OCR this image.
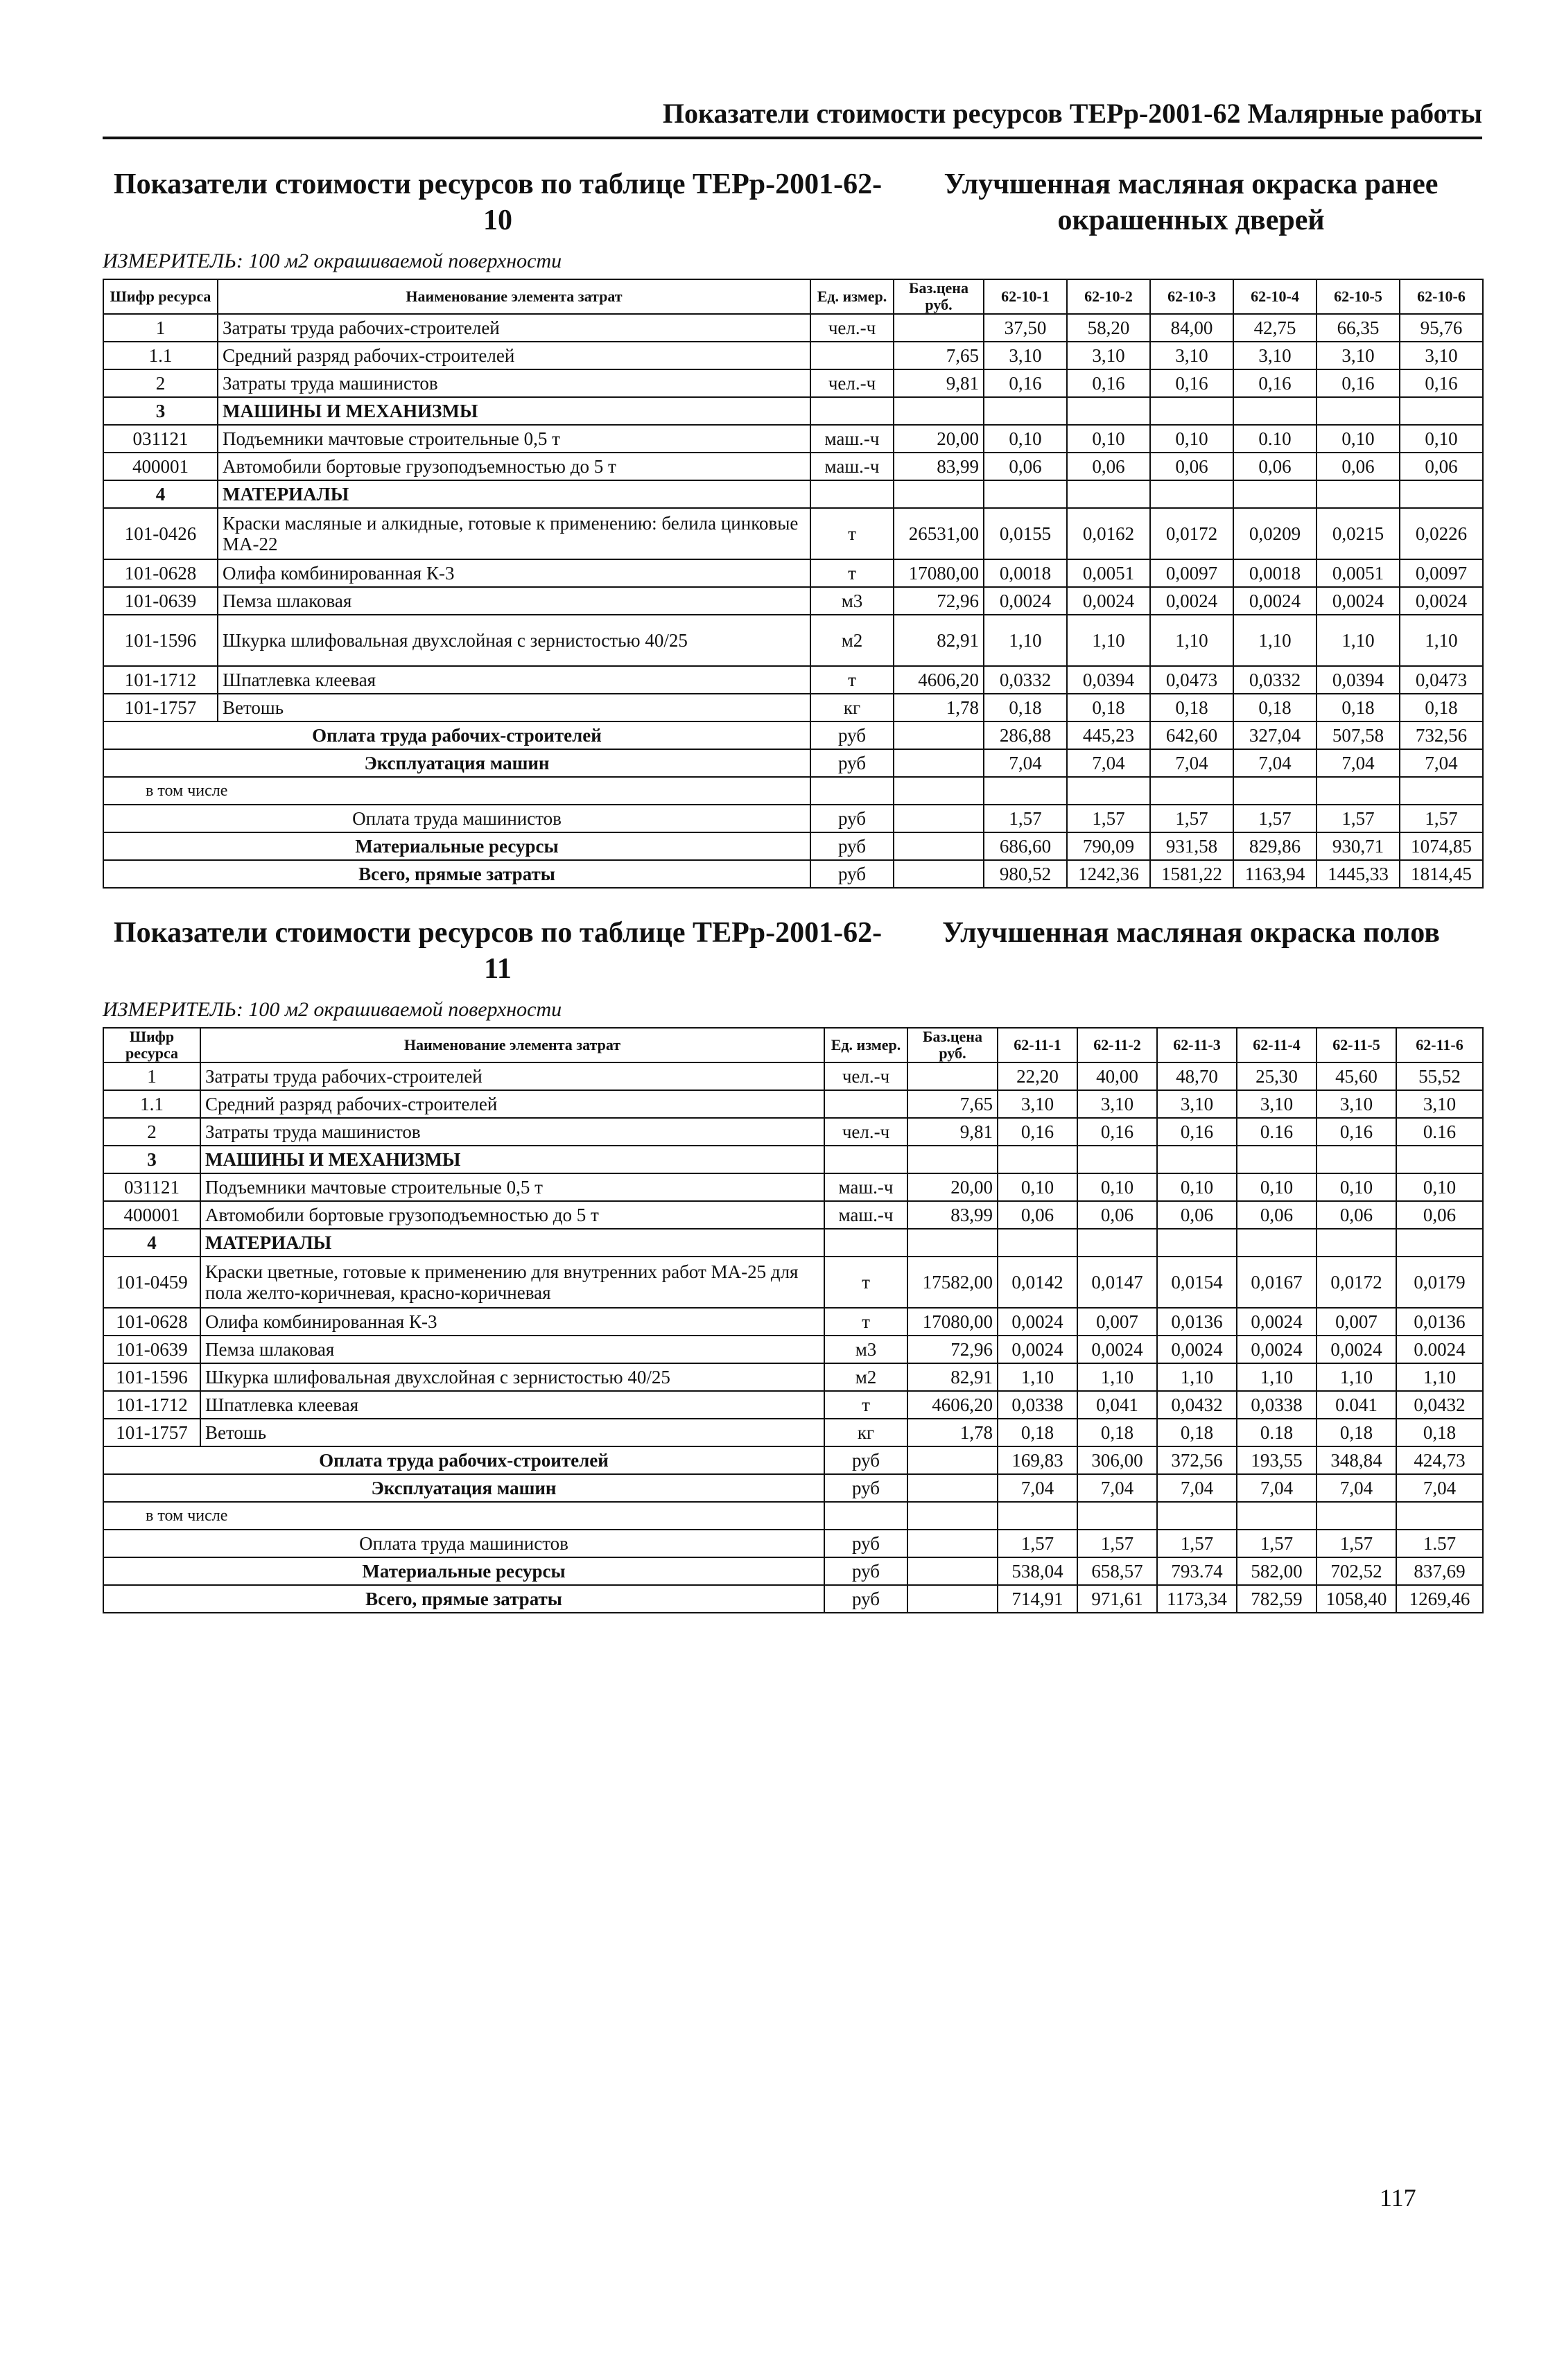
Показатели стоимости ресурсов ТЕРр-2001-62 Малярные работы
Показатели стоимости ресурсов по таблице ТЕРр-2001-62-10
Улучшенная масляная окраска ранее окрашенных дверей
ИЗМЕРИТЕЛЬ: 100 м2 окрашиваемой поверхности
Шифр ресурса	Наименование элемента затрат	Ед. измер.	Баз.цена руб.	62-10-1	62-10-2	62-10-3	62-10-4	62-10-5	62-10-6
1	Затраты труда рабочих-строителей	чел.-ч		37,50	58,20	84,00	42,75	66,35	95,76
1.1	Средний разряд рабочих-строителей		7,65	3,10	3,10	3,10	3,10	3,10	3,10
2	Затраты труда машинистов	чел.-ч	9,81	0,16	0,16	0,16	0,16	0,16	0,16
3	МАШИНЫ И МЕХАНИЗМЫ								
031121	Подъемники мачтовые строительные 0,5 т	маш.-ч	20,00	0,10	0,10	0,10	0.10	0,10	0,10
400001	Автомобили бортовые грузоподъемностью до 5 т	маш.-ч	83,99	0,06	0,06	0,06	0,06	0,06	0,06
4	МАТЕРИАЛЫ								
101-0426	Краски масляные и алкидные, готовые к применению: белила цинковые МА-22	т	26531,00	0,0155	0,0162	0,0172	0,0209	0,0215	0,0226
101-0628	Олифа комбинированная К-3	т	17080,00	0,0018	0,0051	0,0097	0,0018	0,0051	0,0097
101-0639	Пемза шлаковая	м3	72,96	0,0024	0,0024	0,0024	0,0024	0,0024	0,0024
101-1596	Шкурка шлифовальная двухслойная с зернистостью 40/25	м2	82,91	1,10	1,10	1,10	1,10	1,10	1,10
101-1712	Шпатлевка клеевая	т	4606,20	0,0332	0,0394	0,0473	0,0332	0,0394	0,0473
101-1757	Ветошь	кг	1,78	0,18	0,18	0,18	0,18	0,18	0,18
Оплата труда рабочих-строителей		руб		286,88	445,23	642,60	327,04	507,58	732,56
Эксплуатация машин		руб		7,04	7,04	7,04	7,04	7,04	7,04
в том числе									
Оплата труда машинистов		руб		1,57	1,57	1,57	1,57	1,57	1,57
Материальные ресурсы		руб		686,60	790,09	931,58	829,86	930,71	1074,85
Всего, прямые затраты		руб		980,52	1242,36	1581,22	1163,94	1445,33	1814,45
Показатели стоимости ресурсов по таблице ТЕРр-2001-62-11
Улучшенная масляная окраска полов
ИЗМЕРИТЕЛЬ: 100 м2 окрашиваемой поверхности
Шифр ресурса	Наименование элемента затрат	Ед. измер.	Баз.цена руб.	62-11-1	62-11-2	62-11-3	62-11-4	62-11-5	62-11-6
1	Затраты труда рабочих-строителей	чел.-ч		22,20	40,00	48,70	25,30	45,60	55,52
1.1	Средний разряд рабочих-строителей		7,65	3,10	3,10	3,10	3,10	3,10	3,10
2	Затраты труда машинистов	чел.-ч	9,81	0,16	0,16	0,16	0.16	0,16	0.16
3	МАШИНЫ И МЕХАНИЗМЫ								
031121	Подъемники мачтовые строительные 0,5 т	маш.-ч	20,00	0,10	0,10	0,10	0,10	0,10	0,10
400001	Автомобили бортовые грузоподъемностью до 5 т	маш.-ч	83,99	0,06	0,06	0,06	0,06	0,06	0,06
4	МАТЕРИАЛЫ								
101-0459	Краски цветные, готовые к применению для внутренних работ МА-25 для пола желто-коричневая, красно-коричневая	т	17582,00	0,0142	0,0147	0,0154	0,0167	0,0172	0,0179
101-0628	Олифа комбинированная К-3	т	17080,00	0,0024	0,007	0,0136	0,0024	0,007	0,0136
101-0639	Пемза шлаковая	м3	72,96	0,0024	0,0024	0,0024	0,0024	0,0024	0.0024
101-1596	Шкурка шлифовальная двухслойная с зернистостью 40/25	м2	82,91	1,10	1,10	1,10	1,10	1,10	1,10
101-1712	Шпатлевка клеевая	т	4606,20	0,0338	0,041	0,0432	0,0338	0.041	0,0432
101-1757	Ветошь	кг	1,78	0,18	0,18	0,18	0.18	0,18	0,18
Оплата труда рабочих-строителей		руб		169,83	306,00	372,56	193,55	348,84	424,73
Эксплуатация машин		руб		7,04	7,04	7,04	7,04	7,04	7,04
в том числе									
Оплата труда машинистов		руб		1,57	1,57	1,57	1,57	1,57	1.57
Материальные ресурсы		руб		538,04	658,57	793.74	582,00	702,52	837,69
Всего, прямые затраты		руб		714,91	971,61	1173,34	782,59	1058,40	1269,46
117
